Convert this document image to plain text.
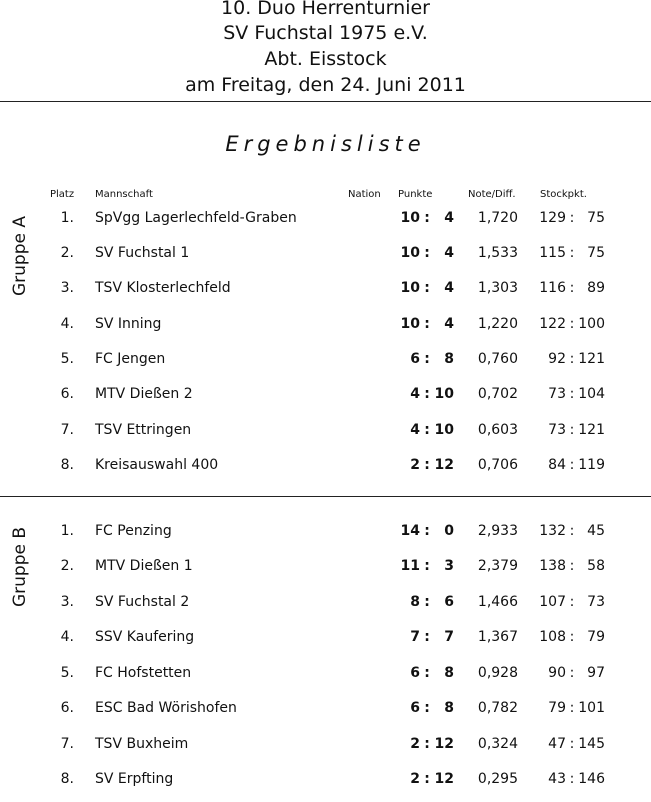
10. Duo Herrenturnier
SV Fuchstal 1975 e.V.
Abt. Eisstock
am Freitag, den 24. Juni 2011
Ergebnisliste
Platz Mannschaft	Nation Punkte	Note/Diff. Stockpkt.
Gruppe A	1. SpVgg Lagerlechfeld-Graben	10 :	4	1,720	129 : 75
2. SV Fuchstal 1	10 :	4	1,533	115 : 75
3. TSV Klosterlechfeld	10 :	4	1,303	116 : 89
4. SV Inning	10 :	4	1,220	122 : 100
5. FC Jengen	6 :	8	0,760	92 : 121
6. MTV Dießen 2	4 : 10	0,702	73 : 104
7. TSV Ettringen	4 : 10	0,603	73 : 121
8. Kreisauswahl 400	2 : 12	0,706	84 : 119
Gruppe B	1. FC Penzing	14 :	0	2,933	132 : 45
2. MTV Dießen 1	11 :	3	2,379	138 : 58
3. SV Fuchstal 2	8 :	6	1,466	107 : 73
4. SSV Kaufering	7 :	7	1,367	108 : 79
5. FC Hofstetten	6 :	8	0,928	90 : 97
6. ESC Bad Wörishofen	6 :	8	0,782	79 : 101
7. TSV Buxheim	2 : 12	0,324	47 : 145
8. SV Erpfting	2 : 12	0,295	43 : 146
